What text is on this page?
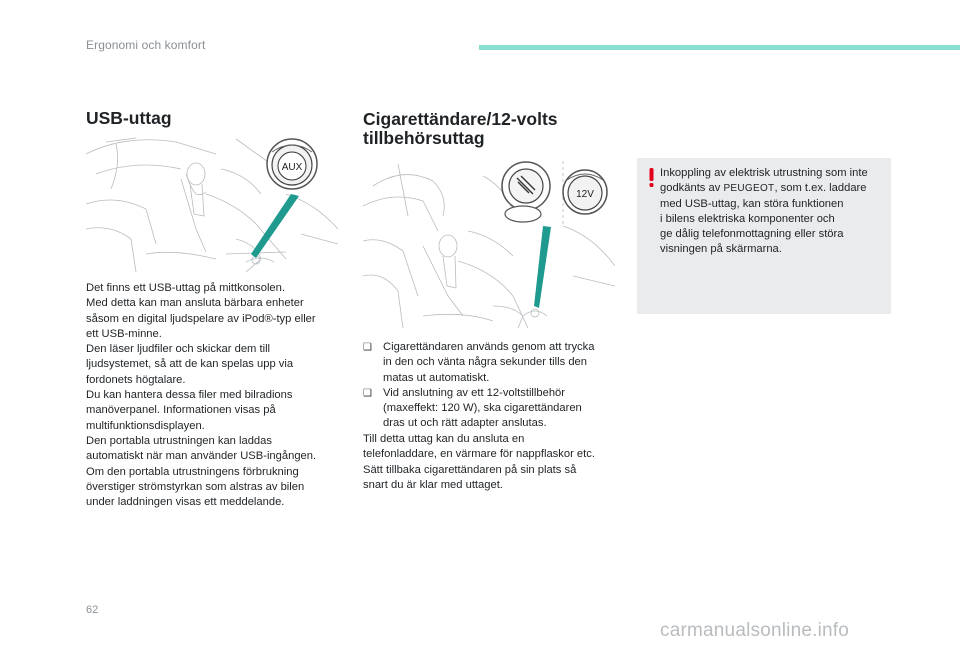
Ergonomi och komfort
USB-uttag
AUX

Det finns ett USB-uttag på mittkonsolen.

Med detta kan man ansluta bärbara enheter

såsom en digital ljudspelare av iPod®-typ eller

ett USB-minne.

Den läser ljudfiler och skickar dem till

ljudsystemet, så att de kan spelas upp via

fordonets högtalare.

Du kan hantera dessa filer med bilradions

manöverpanel. Informationen visas på

multifunktionsdisplayen.

Den portabla utrustningen kan laddas

automatiskt när man använder USB-ingången.

Om den portabla utrustningens förbrukning

överstiger strömstyrkan som alstras av bilen

under laddningen visas ett meddelande.

Cigarettändare/12-volts
tillbehörsuttag
12V
❑ Cigarettändaren används genom att trycka
in den och vänta några sekunder tills den
matas ut automatiskt.
❑ Vid anslutning av ett 12-voltstillbehör
(maxeffekt: 120 W), ska cigarettändaren
dras ut och rätt adapter anslutas.

Till detta uttag kan du ansluta en

telefonladdare, en värmare för nappflaskor etc.

Sätt tillbaka cigarettändaren på sin plats så

snart du är klar med uttaget.

Inkoppling av elektrisk utrustning som inte

godkänts av PEUGEOT, som t.ex. laddare

med USB-uttag, kan störa funktionen

i bilens elektriska komponenter och

ge dålig telefonmottagning eller störa

visningen på skärmarna.

62
carmanualsonline.info
